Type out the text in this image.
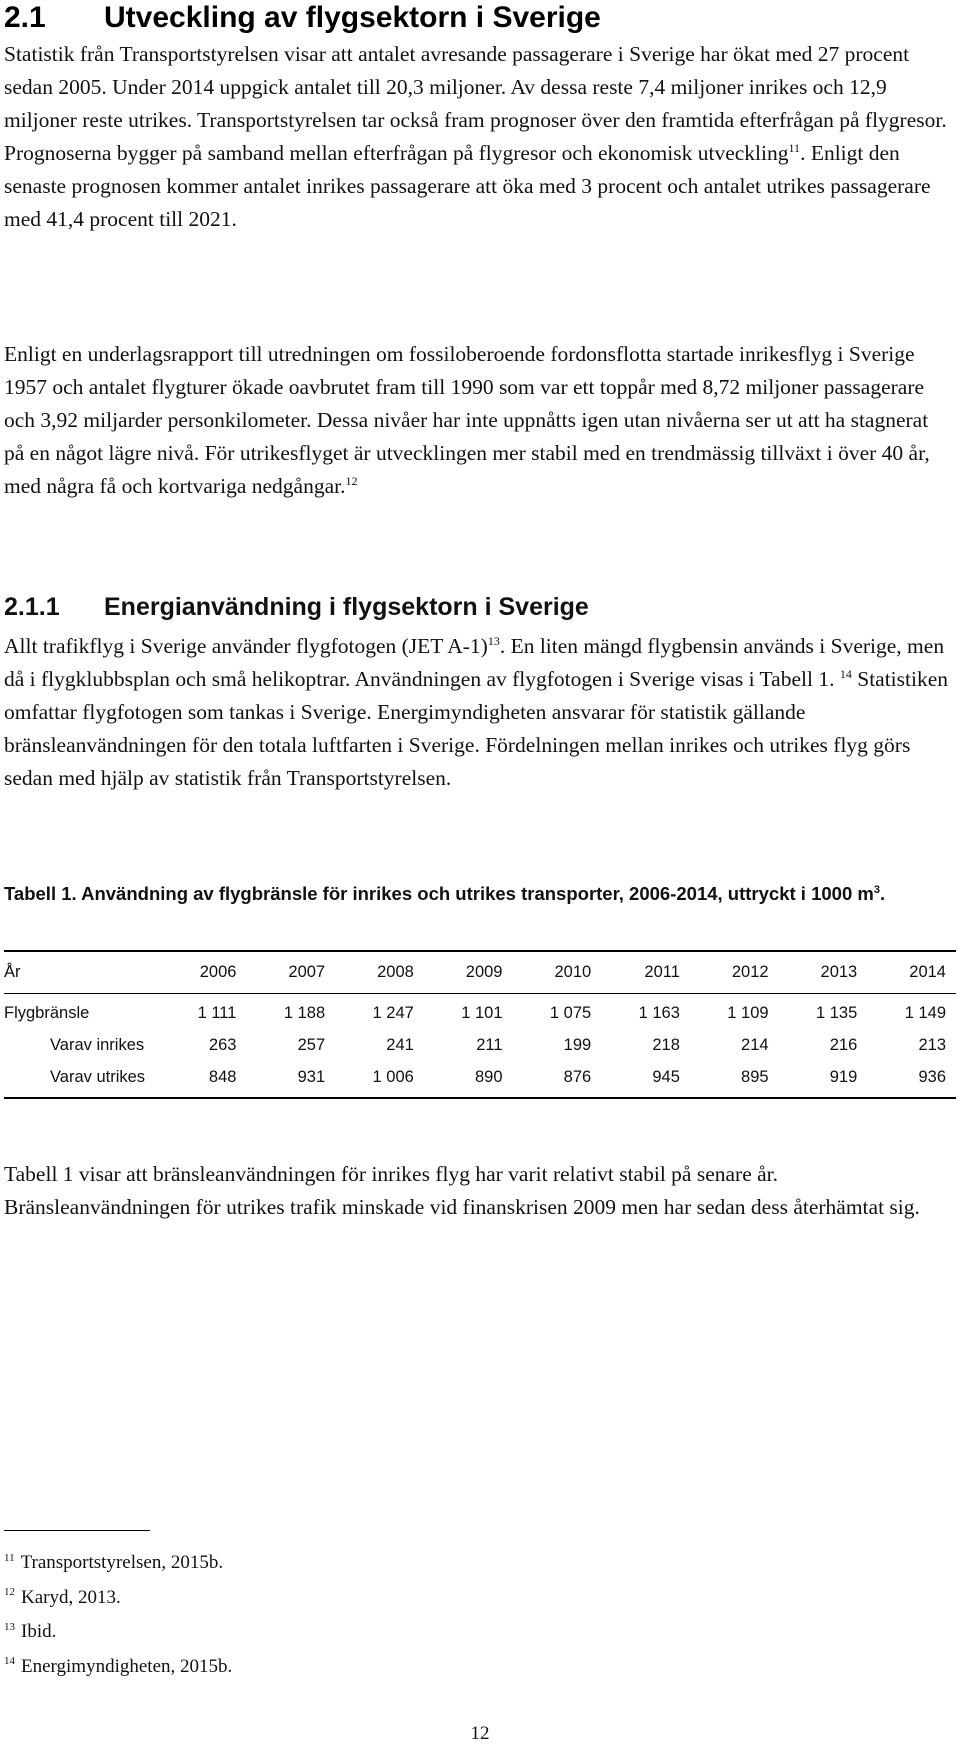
2.1 Utveckling av flygsektorn i Sverige

Statistik från Transportstyrelsen visar att antalet avresande passagerare i Sverige har ökat med 27 procent sedan 2005. Under 2014 uppgick antalet till 20,3 miljoner. Av dessa reste 7,4 miljoner inrikes och 12,9 miljoner reste utrikes. Transportstyrelsen tar också fram prognoser över den framtida efterfrågan på flygresor. Prognoserna bygger på samband mellan efterfrågan på flygresor och ekonomisk utveckling$^{11}$. Enligt den senaste prognosen kommer antalet inrikes passagerare att öka med 3 procent och antalet utrikes passagerare med 41,4 procent till 2021.

Enligt en underlagsrapport till utredningen om fossiloberoende fordonsflotta startade inrikesflyg i Sverige 1957 och antalet flygturer ökade oavbrutet fram till 1990 som var ett toppår med 8,72 miljoner passagerare och 3,92 miljarder personkilometer. Dessa nivåer har inte uppnåtts igen utan nivåerna ser ut att ha stagnerat på en något lägre nivå. För utrikesflyget är utvecklingen mer stabil med en trendmässig tillväxt i över 40 år, med några få och kortvariga nedgångar.$^{12}$

2.1.1 Energianvändning i flygsektorn i Sverige

Allt trafikflyg i Sverige använder flygfotogen (JET A-1)$^{13}$. En liten mängd flygbensin används i Sverige, men då i flygklubbsplan och små helikoptrar. Användningen av flygfotogen i Sverige visas i Tabell 1. $^{14}$ Statistiken omfattar flygfotogen som tankas i Sverige. Energimyndigheten ansvarar för statistik gällande bränsleanvändningen för den totala luftfarten i Sverige. Fördelningen mellan inrikes och utrikes flyg görs sedan med hjälp av statistik från Transportstyrelsen.

Tabell 1. Användning av flygbränsle för inrikes och utrikes transporter, 2006-2014, uttryckt i 1000 $m^3$.

År	2006	2007	2008	2009	2010	2011	2012	2013	2014
Flygbränsle	1 111	1 188	1 247	1 101	1 075	1 163	1 109	1 135	1 149
Varav inrikes	263	257	241	211	199	218	214	216	213
Varav utrikes	848	931	1 006	890	876	945	895	919	936

Tabell 1 visar att bränsleanvändningen för inrikes flyg har varit relativt stabil på senare år. Bränsleanvändningen för utrikes trafik minskade vid finanskrisen 2009 men har sedan dess återhämtat sig.

$^{11}$ Transportstyrelsen, 2015b.
$^{12}$ Karyd, 2013.
$^{13}$ Ibid.
$^{14}$ Energimyndigheten, 2015b.
12
